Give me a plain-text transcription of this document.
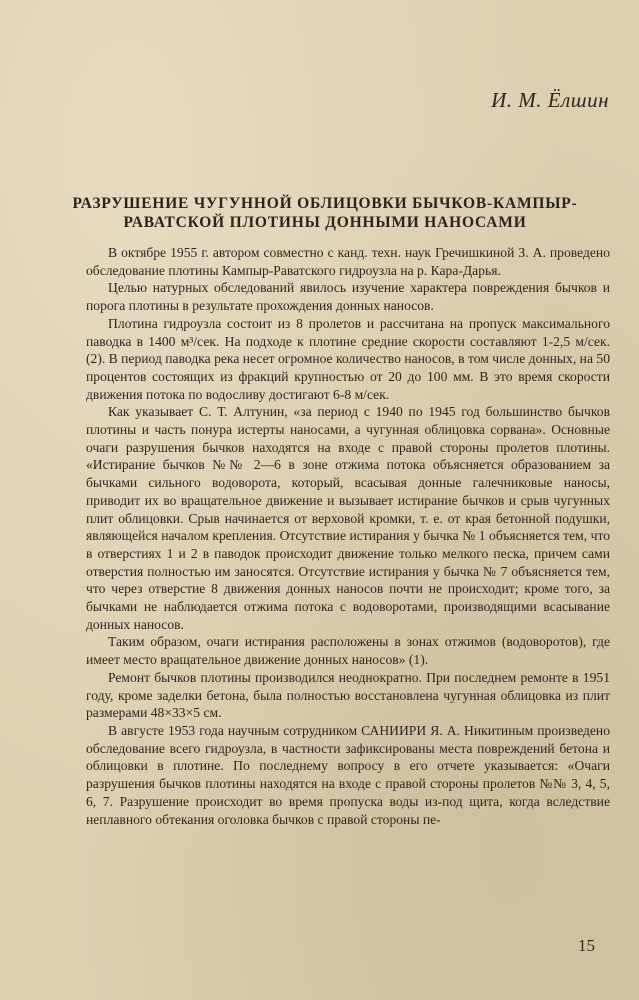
И. М. Ёлшин
РАЗРУШЕНИЕ ЧУГУННОЙ ОБЛИЦОВКИ БЫЧКОВ-КАМПЫР-РАВАТСКОЙ ПЛОТИНЫ ДОННЫМИ НАНОСАМИ

В октябре 1955 г. автором совместно с канд. техн. наук Гречишкиной З. А. проведено обследование плотины Кампыр-Раватского гидроузла на р. Кара-Дарья.

Целью натурных обследований явилось изучение характера повреждения бычков и порога плотины в результате прохождения донных наносов.

Плотина гидроузла состоит из 8 пролетов и рассчитана на пропуск максимального паводка в 1400 м³/сек. На подходе к плотине средние скорости составляют 1-2,5 м/сек. (2). В период паводка река несет огромное количество наносов, в том числе донных, на 50 процентов состоящих из фракций крупностью от 20 до 100 мм. В это время скорости движения потока по водосливу достигают 6-8 м/сек.

Как указывает С. Т. Алтунин, «за период с 1940 по 1945 год большинство бычков плотины и часть понура истерты наносами, а чугунная облицовка сорвана». Основные очаги разрушения бычков находятся на входе с правой стороны пролетов плотины. «Истирание бычков №№ 2—6 в зоне отжима потока объясняется образованием за бычками сильного водоворота, который, всасывая донные галечниковые наносы, приводит их во вращательное движение и вызывает истирание бычков и срыв чугунных плит облицовки. Срыв начинается от верховой кромки, т. е. от края бетонной подушки, являющейся началом крепления. Отсутствие истирания у бычка № 1 объясняется тем, что в отверстиях 1 и 2 в паводок происходит движение только мелкого песка, причем сами отверстия полностью им заносятся. Отсутствие истирания у бычка № 7 объясняется тем, что через отверстие 8 движения донных наносов почти не происходит; кроме того, за бычками не наблюдается отжима потока с водоворотами, производящими всасывание донных наносов.

Таким образом, очаги истирания расположены в зонах отжимов (водоворотов), где имеет место вращательное движение донных наносов» (1).

Ремонт бычков плотины производился неоднократно. При последнем ремонте в 1951 году, кроме заделки бетона, была полностью восстановлена чугунная облицовка из плит размерами 48×33×5 см.

В августе 1953 года научным сотрудником САНИИРИ Я. А. Никитиным произведено обследование всего гидроузла, в частности зафиксированы места повреждений бетона и облицовки в плотине. По последнему вопросу в его отчете указывается: «Очаги разрушения бычков плотины находятся на входе с правой стороны пролетов №№ 3, 4, 5, 6, 7. Разрушение происходит во время пропуска воды из-под щита, когда вследствие неплавного обтекания оголовка бычков с правой стороны пе-

15
